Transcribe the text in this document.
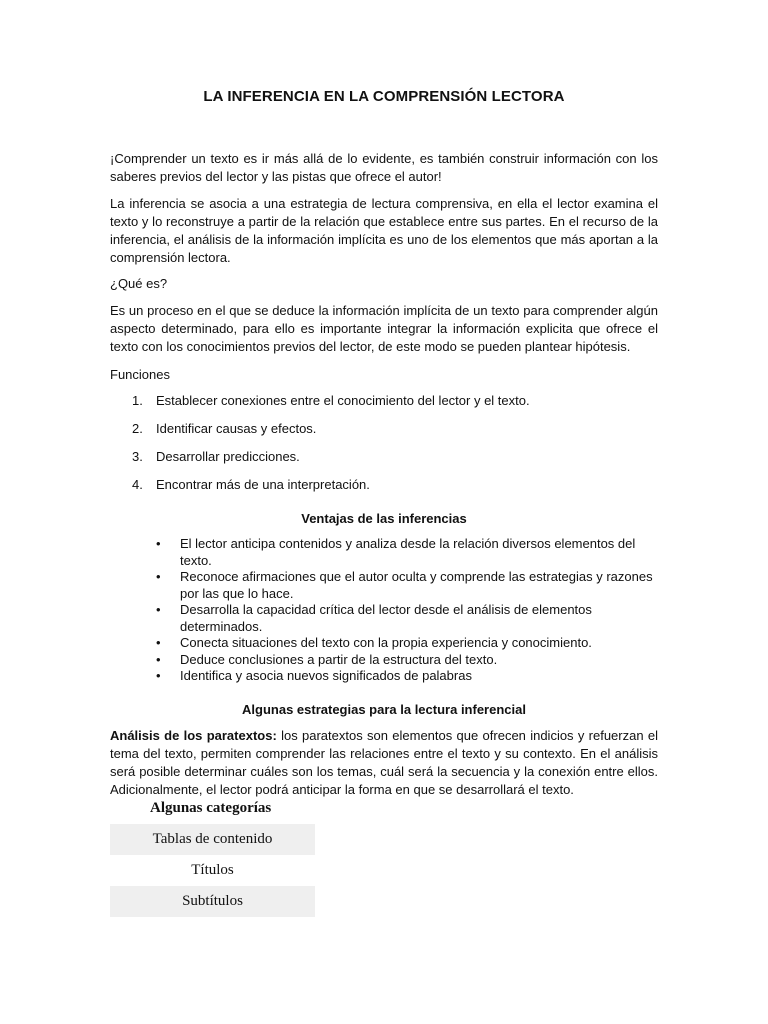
LA INFERENCIA EN LA COMPRENSIÓN LECTORA

¡Comprender un texto es ir más allá de lo evidente, es también construir información con los saberes previos del lector y las pistas que ofrece el autor!

La inferencia se asocia a una estrategia de lectura comprensiva, en ella el lector examina el texto y lo reconstruye a partir de la relación que establece entre sus partes. En el recurso de la inferencia, el análisis de la información implícita es uno de los elementos que más aportan a la comprensión lectora.

¿Qué es?

Es un proceso en el que se deduce la información implícita de un texto para comprender algún aspecto determinado, para ello es importante integrar la información explicita que ofrece el texto con los conocimientos previos del lector, de este modo se pueden plantear hipótesis.

Funciones

1. Establecer conexiones entre el conocimiento del lector y el texto.
2. Identificar causas y efectos.
3. Desarrollar predicciones.
4. Encontrar más de una interpretación.

Ventajas de las inferencias

• El lector anticipa contenidos y analiza desde la relación diversos elementos del texto.
• Reconoce afirmaciones que el autor oculta y comprende las estrategias y razones por las que lo hace.
• Desarrolla la capacidad crítica del lector desde el análisis de elementos determinados.
• Conecta situaciones del texto con la propia experiencia y conocimiento.
• Deduce conclusiones a partir de la estructura del texto.
• Identifica y asocia nuevos significados de palabras

Algunas estrategias para la lectura inferencial

Análisis de los paratextos: los paratextos son elementos que ofrecen indicios y refuerzan el tema del texto, permiten comprender las relaciones entre el texto y su contexto. En el análisis será posible determinar cuáles son los temas, cuál será la secuencia y la conexión entre ellos. Adicionalmente, el lector podrá anticipar la forma en que se desarrollará el texto.

Algunas categorías
Tablas de contenido
Títulos
Subtítulos
